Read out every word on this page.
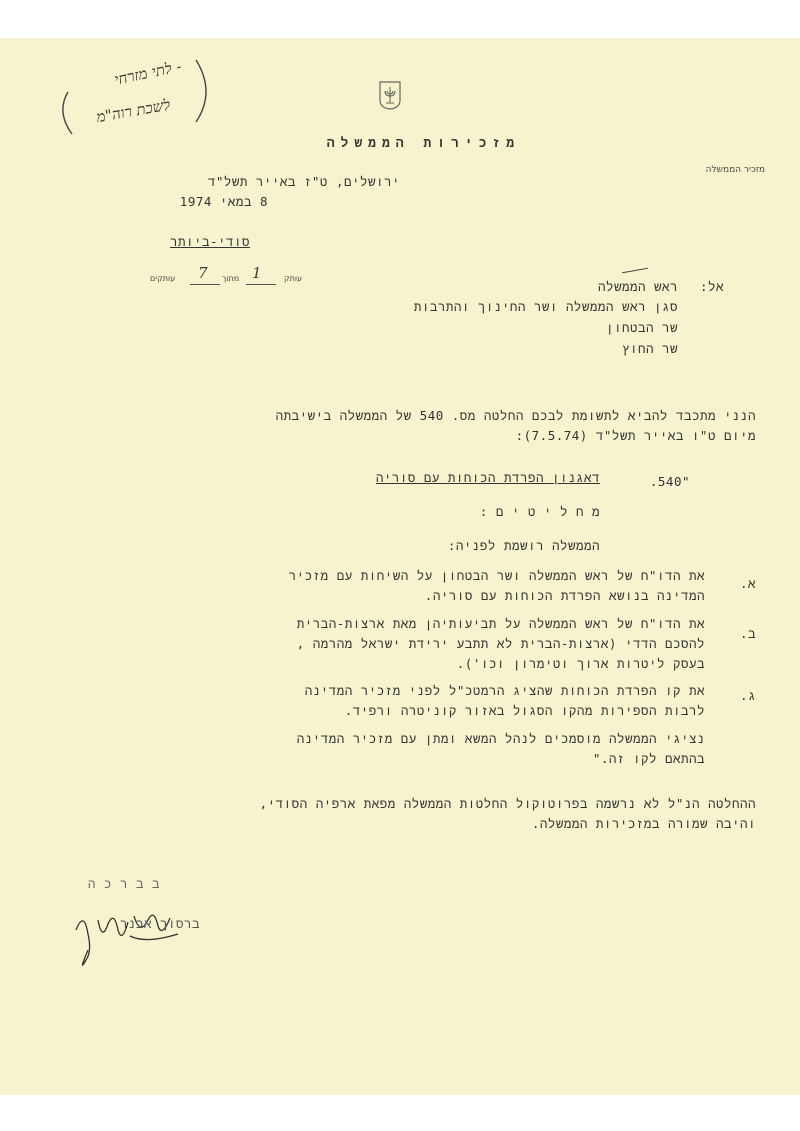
לתי מזרחי -
לשכת רוה"מ
מזכירות הממשלה
מזכיר הממשלה
ירושלים, ט"ז באייר תשל"ד
8 במאי 1974
סודי-ביותר
עותקים 7 מתוך 1	עותק
אל:
ראש הממשלה
סגן ראש הממשלה ושר החינוך והתרבות
שר הבטחון
שר החוץ
הנני מתכבד להביא לתשומת לבכם החלטה מס. 540 של הממשלה בישיבתה
מיום ט"ו באייר תשל"ד (7.5.74):
"540.
דאגנון הפרדת הכוחות עם סוריה
מ ח ל י ט י ם :
הממשלה רושמת לפניה:
א.
את הדו"ח של ראש הממשלה ושר הבטחון על השיחות עם מזכיר
המדינה בנושא הפרדת הכוחות עם סוריה.
ב.
את הדו"ח של ראש הממשלה על תביעותיהן מאת ארצות-הברית
להסכם הדדי (ארצות-הברית לא תתבע ירידת ישראל מהרמה ,
בעסק ליטרות ארוך וטימרון וכו').
ג.
את קו הפרדת הכוחות שהציג הרמטכ"ל לפני מזכיר המדינה
לרבות הספירות מהקו הסגול באזור קוניטרה ורפיד.
נציגי הממשלה מוסמכים לנהל המשא ומתן עם מזכיר המדינה
בהתאם לקו זה."
ההחלטה הנ"ל לא נרשמה בפרוטוקול החלטות הממשלה מפאת ארפיה הסודי,
והיבה שמורה במזכירות הממשלה.
ב ב ר כ ה
ברסוך אבנר
